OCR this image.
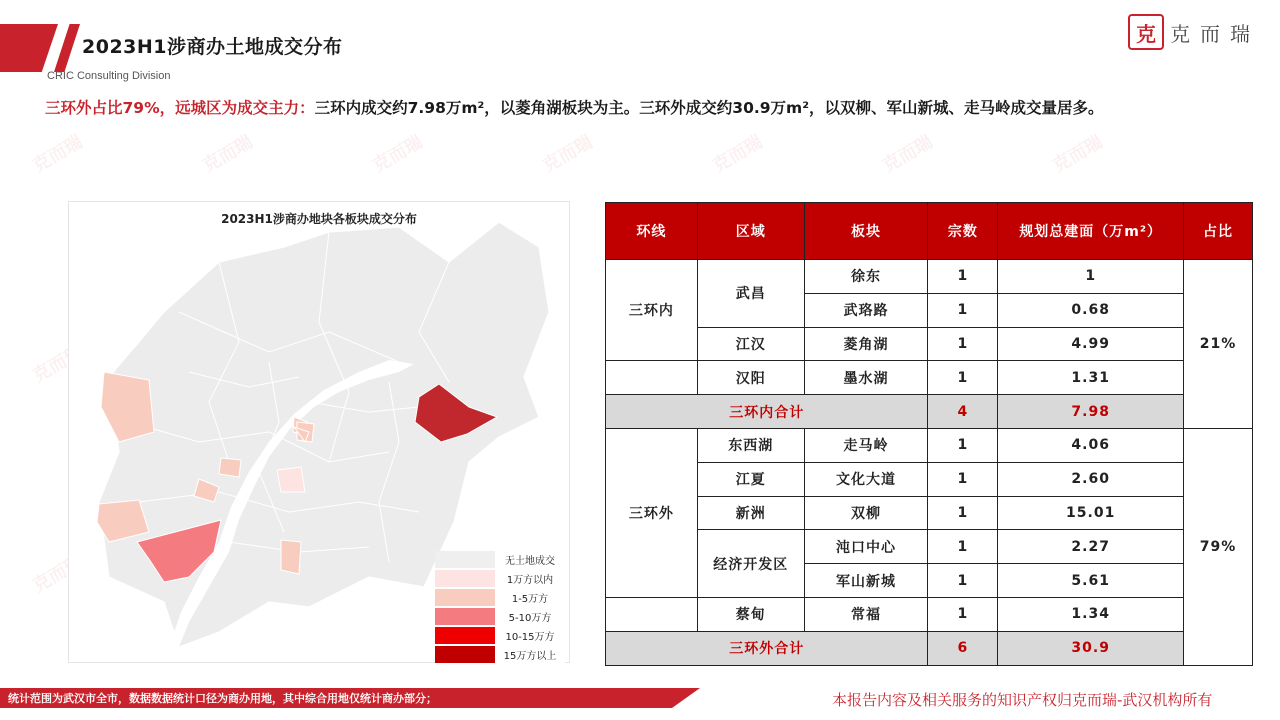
2023H1涉商办土地成交分布
CRIC Consulting Division
克 克而瑞
三环外占比79%，远城区为成交主力：三环内成交约7.98万m²，以菱角湖板块为主。三环外成交约30.9万m²，以双柳、军山新城、走马岭成交量居多。
克而瑞	克而瑞	克而瑞	克而瑞	克而瑞	克而瑞	克而瑞
克而瑞
克而瑞
2023H1涉商办地块各板块成交分布
无土地成交
1万方以内
1-5万方
5-10万方
10-15万方
15万方以上
环线	区域	板块	宗数	规划总建面（万m²）	占比
三环内	武昌	徐东	1	1	21%
		武珞路	1	0.68	
	江汉	菱角湖	1	4.99	
	汉阳	墨水湖	1	1.31	
三环内合计			4	7.98	
三环外	东西湖	走马岭	1	4.06	79%
	江夏	文化大道	1	2.60	
	新洲	双柳	1	15.01	
	经济开发区	沌口中心	1	2.27	
		军山新城	1	5.61	
	蔡甸	常福	1	1.34	
三环外合计			6	30.9	
统计范围为武汉市全市，数据数据统计口径为商办用地，其中综合用地仅统计商办部分；	本报告内容及相关服务的知识产权归克而瑞-武汉机构所有
